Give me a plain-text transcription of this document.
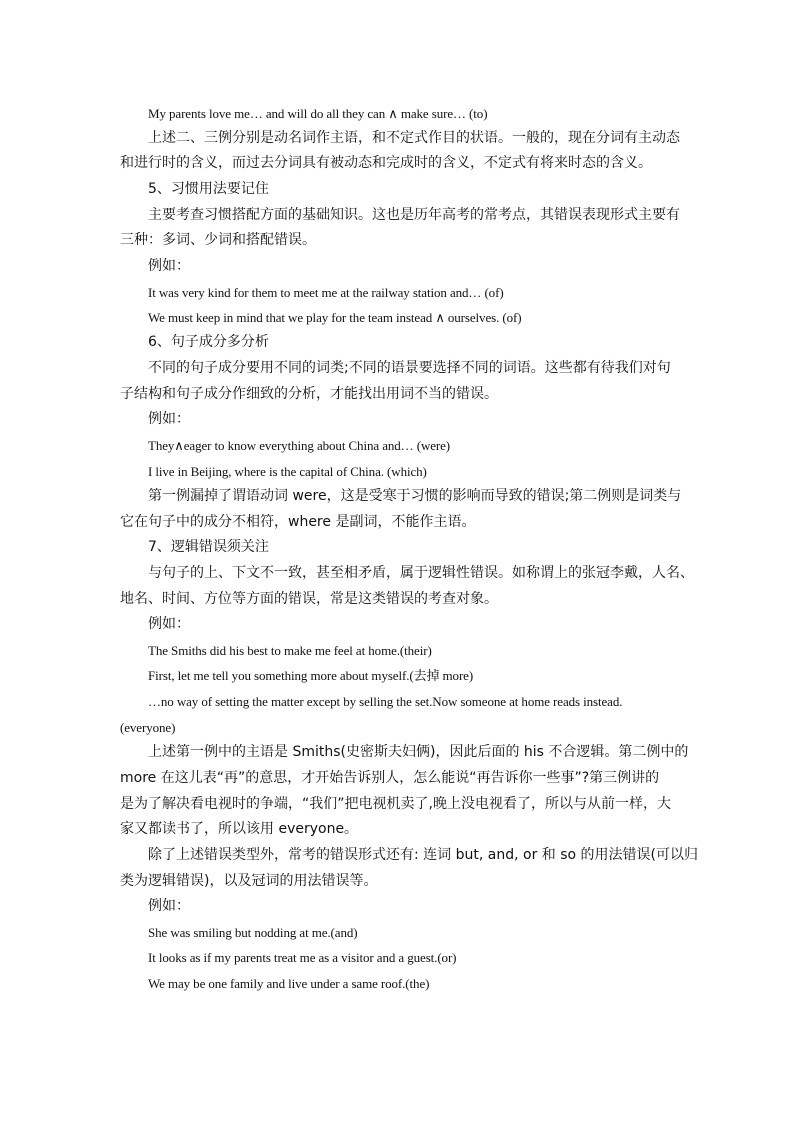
My parents love me… and will do all they can ∧ make sure… (to)
上述二、三例分别是动名词作主语，和不定式作目的状语。一般的，现在分词有主动态
和进行时的含义，而过去分词具有被动态和完成时的含义，不定式有将来时态的含义。
5、习惯用法要记住
主要考查习惯搭配方面的基础知识。这也是历年高考的常考点，其错误表现形式主要有
三种：多词、少词和搭配错误。
例如：
It was very kind for them to meet me at the railway station and… (of)
We must keep in mind that we play for the team instead ∧ ourselves. (of)
6、句子成分多分析
不同的句子成分要用不同的词类;不同的语景要选择不同的词语。这些都有待我们对句
子结构和句子成分作细致的分析，才能找出用词不当的错误。
例如：
They∧eager to know everything about China and… (were)
I live in Beijing, where is the capital of China. (which)
第一例漏掉了谓语动词 were，这是受寒于习惯的影响而导致的错误;第二例则是词类与
它在句子中的成分不相符，where 是副词，不能作主语。
7、逻辑错误须关注
与句子的上、下文不一致，甚至相矛盾，属于逻辑性错误。如称谓上的张冠李戴，人名、
地名、时间、方位等方面的错误，常是这类错误的考查对象。
例如：
The Smiths did his best to make me feel at home.(their)
First, let me tell you something more about myself.(去掉 more)
…no way of setting the matter except by selling the set.Now someone at home reads instead.
(everyone)
上述第一例中的主语是 Smiths(史密斯夫妇俩)，因此后面的 his 不合逻辑。第二例中的
more 在这儿表“再”的意思，才开始告诉别人，怎么能说“再告诉你一些事”?第三例讲的
是为了解决看电视时的争端，“我们”把电视机卖了,晚上没电视看了，所以与从前一样，大
家又都读书了，所以该用 everyone。
除了上述错误类型外，常考的错误形式还有: 连词 but, and, or 和 so 的用法错误(可以归
类为逻辑错误)，以及冠词的用法错误等。
例如：
She was smiling but nodding at me.(and)
It looks as if my parents treat me as a visitor and a guest.(or)
We may be one family and live under a same roof.(the)
